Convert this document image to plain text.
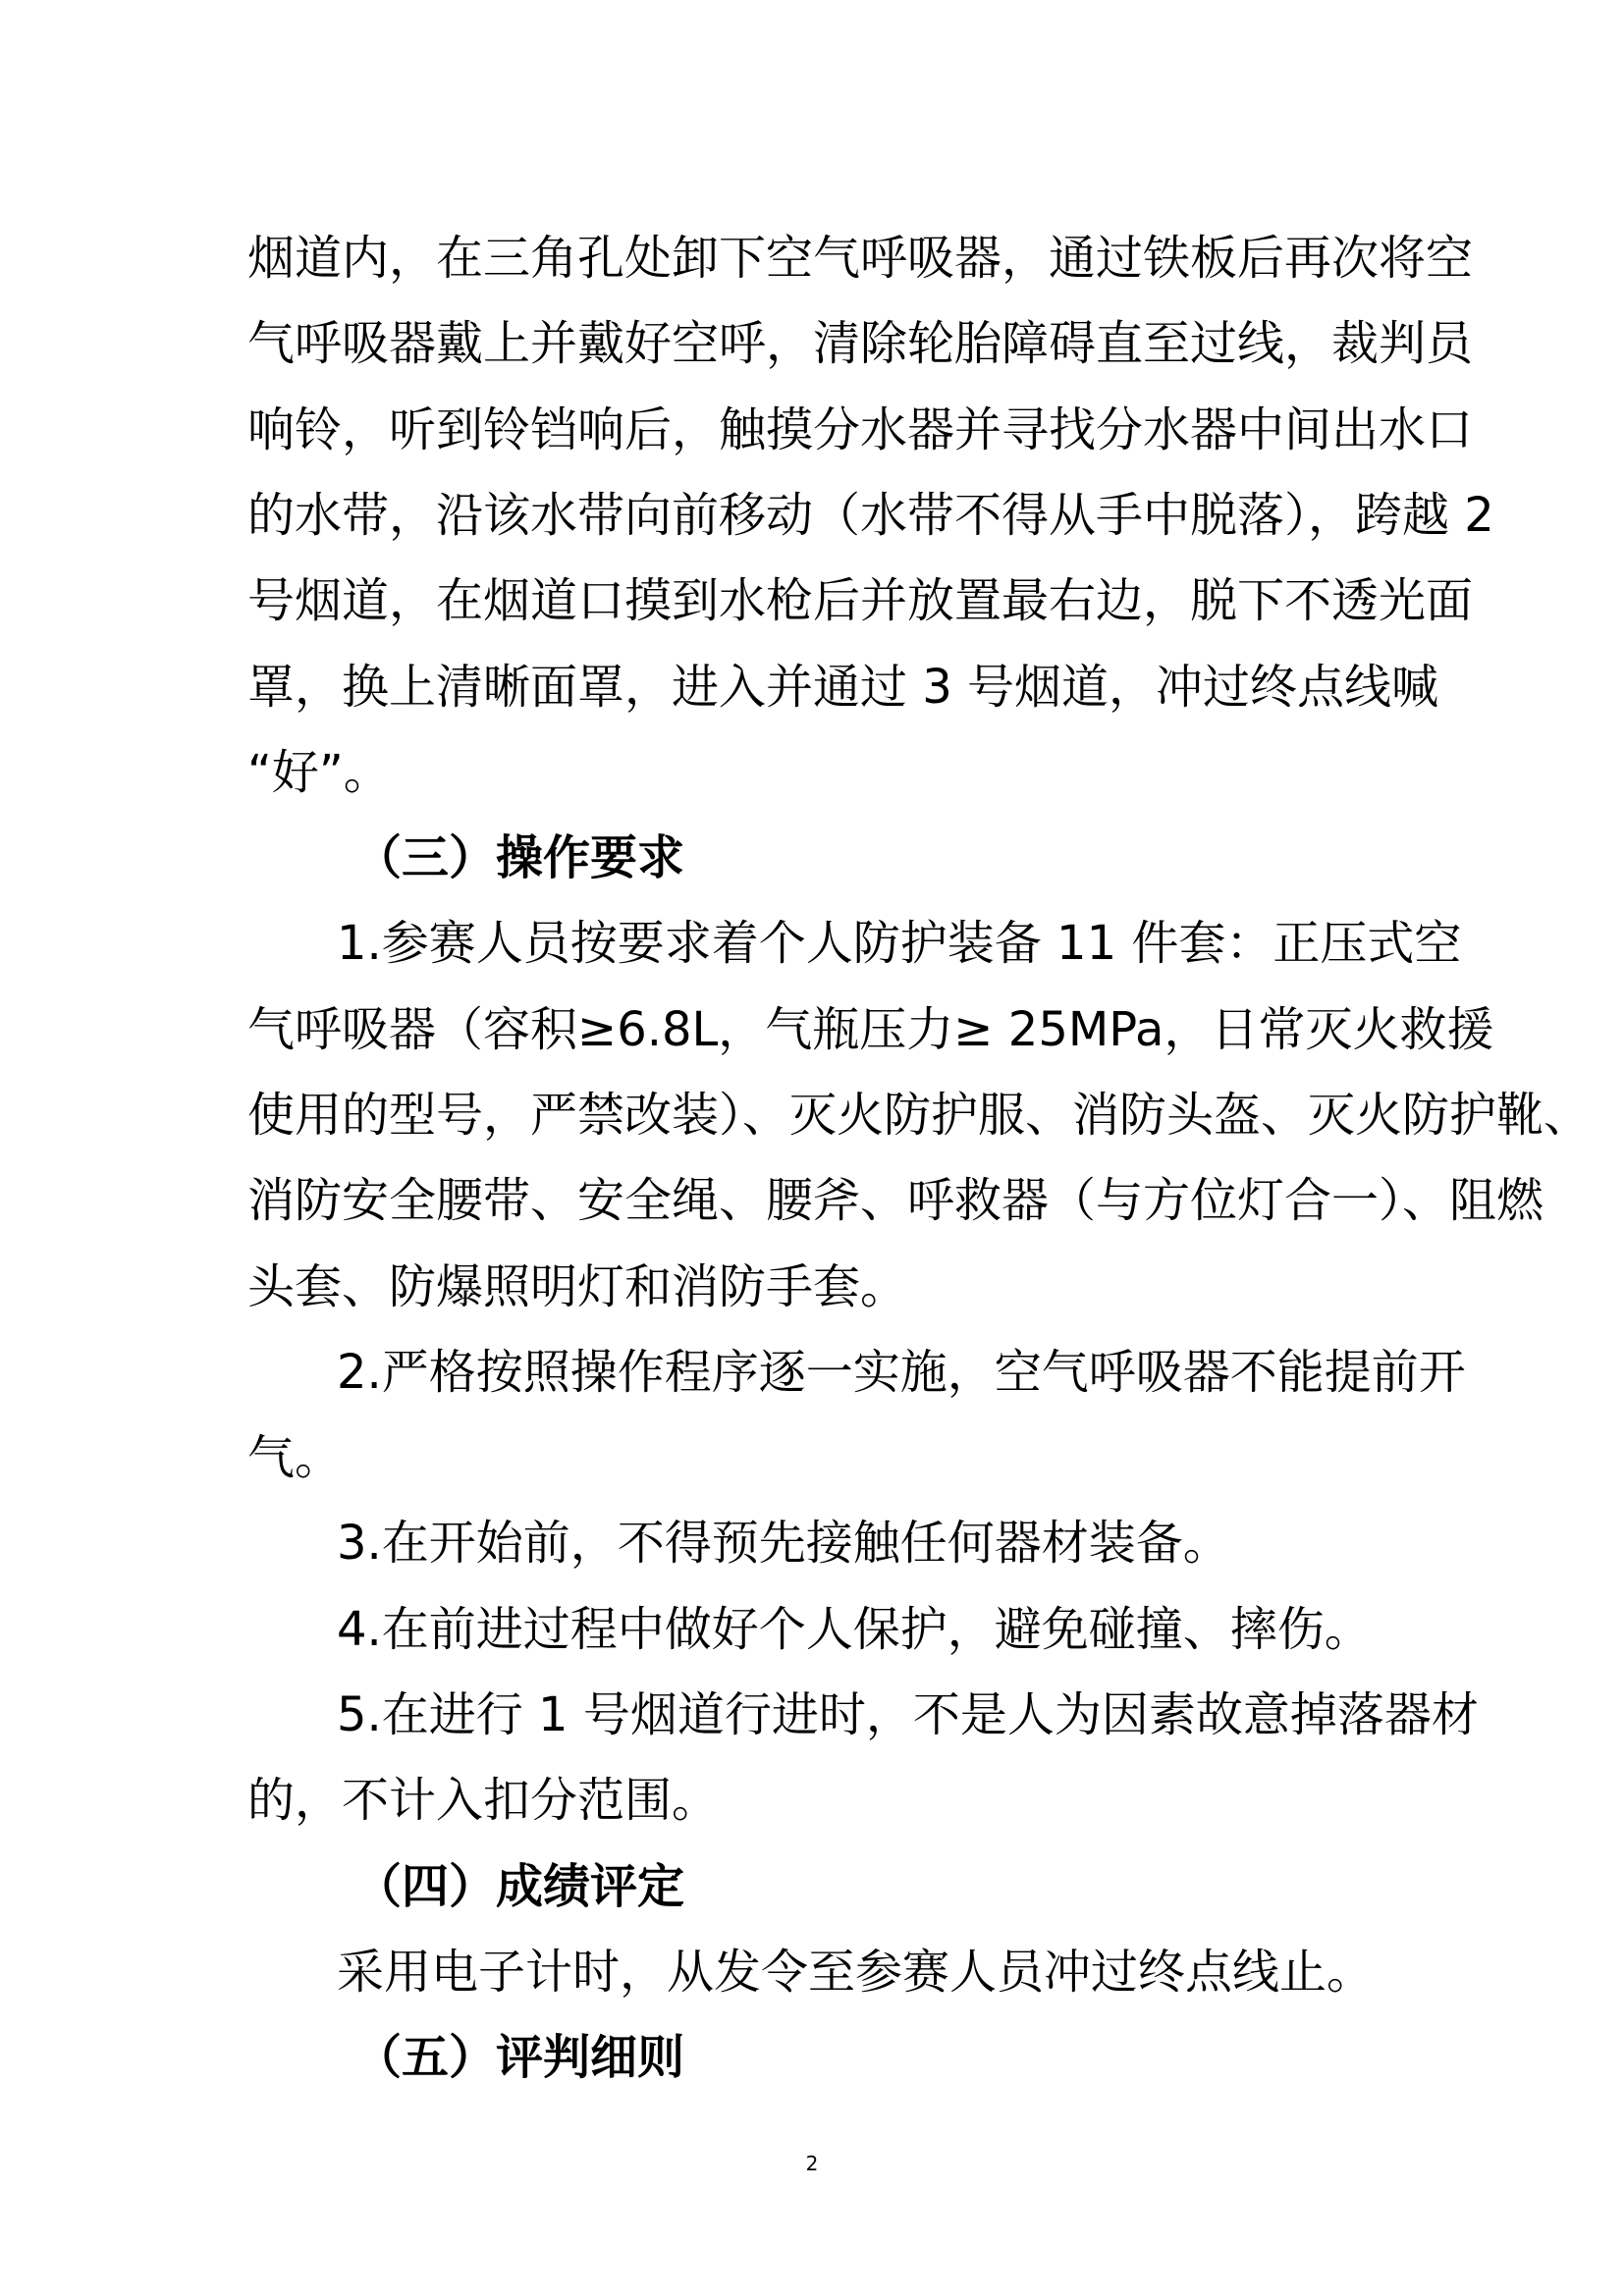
烟道内，在三角孔处卸下空气呼吸器，通过铁板后再次将空
气呼吸器戴上并戴好空呼，清除轮胎障碍直至过线，裁判员
响铃，听到铃铛响后，触摸分水器并寻找分水器中间出水口
的水带，沿该水带向前移动（水带不得从手中脱落），跨越 2
号烟道，在烟道口摸到水枪后并放置最右边，脱下不透光面
罩，换上清晰面罩，进入并通过 3 号烟道，冲过终点线喊
“好”。
（三）操作要求
1.参赛人员按要求着个人防护装备 11 件套：正压式空
气呼吸器（容积≥6.8L，气瓶压力≥ 25MPa，日常灭火救援
使用的型号，严禁改装）、灭火防护服、消防头盔、灭火防护靴、
消防安全腰带、安全绳、腰斧、呼救器（与方位灯合一）、阻燃
头套、防爆照明灯和消防手套。
2.严格按照操作程序逐一实施，空气呼吸器不能提前开
气。
3.在开始前，不得预先接触任何器材装备。
4.在前进过程中做好个人保护，避免碰撞、摔伤。
5.在进行 1 号烟道行进时，不是人为因素故意掉落器材
的，不计入扣分范围。
（四）成绩评定
采用电子计时，从发令至参赛人员冲过终点线止。
（五）评判细则
2
